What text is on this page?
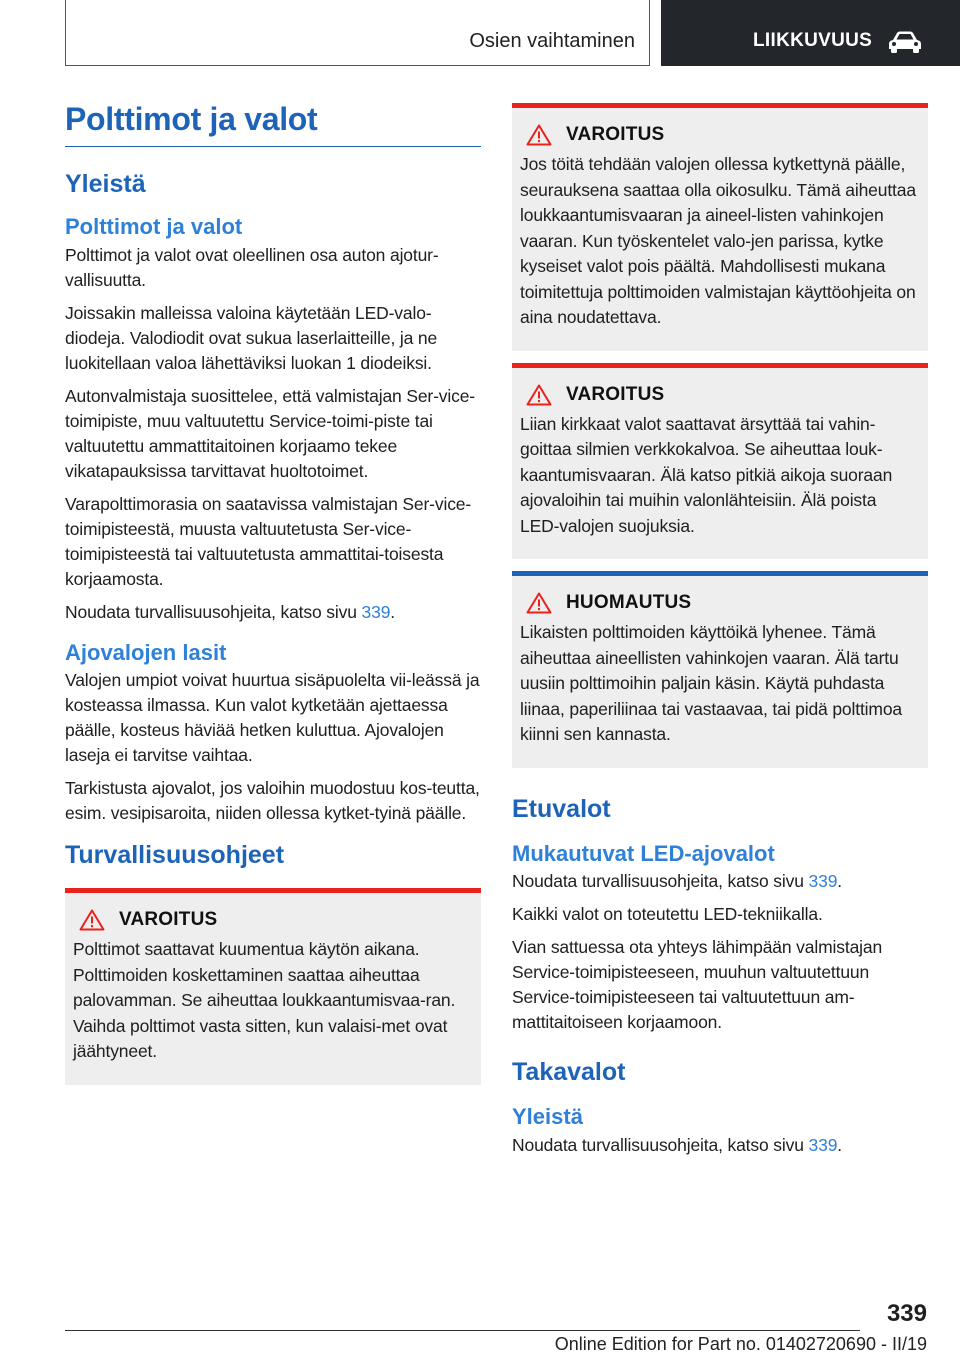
Osien vaihtaminen	LIIKKUVUUS
Polttimot ja valot
Yleistä
Polttimot ja valot

Polttimot ja valot ovat oleellinen osa auton ajotur-vallisuutta.

Joissakin malleissa valoina käytetään LED-valo-diodeja. Valodiodit ovat sukua laserlaitteille, ja ne luokitellaan valoa lähettäviksi luokan 1 diodeiksi.

Autonvalmistaja suosittelee, että valmistajan Ser-vice-toimipiste, muu valtuutettu Service-toimi-piste tai valtuutettu ammattitaitoinen korjaamo tekee vikatapauksissa tarvittavat huoltotoimet.

Varapolttimorasia on saatavissa valmistajan Ser-vice-toimipisteestä, muusta valtuutetusta Ser-vice-toimipisteestä tai valtuutetusta ammattitai-toisesta korjaamosta.

Noudata turvallisuusohjeita, katso sivu 339.

Ajovalojen lasit

Valojen umpiot voivat huurtua sisäpuolelta vii-leässä ja kosteassa ilmassa. Kun valot kytketään ajettaessa päälle, kosteus häviää hetken kuluttua. Ajovalojen laseja ei tarvitse vaihtaa.

Tarkistusta ajovalot, jos valoihin muodostuu kos-teutta, esim. vesipisaroita, niiden ollessa kytket-tyinä päälle.

Turvallisuusohjeet
VAROITUS

Polttimot saattavat kuumentua käytön aikana. Polttimoiden koskettaminen saattaa aiheuttaa palovamman. Se aiheuttaa loukkaantumisvaa-ran. Vaihda polttimot vasta sitten, kun valaisi-met ovat jäähtyneet.

VAROITUS

Jos töitä tehdään valojen ollessa kytkettynä päälle, seurauksena saattaa olla oikosulku. Tämä aiheuttaa loukkaantumisvaaran ja aineel-listen vahinkojen vaaran. Kun työskentelet valo-jen parissa, kytke kyseiset valot pois päältä. Mahdollisesti mukana toimitettuja polttimoiden valmistajan käyttöohjeita on aina noudatettava.

VAROITUS

Liian kirkkaat valot saattavat ärsyttää tai vahin-goittaa silmien verkkokalvoa. Se aiheuttaa louk-kaantumisvaaran. Älä katso pitkiä aikoja suoraan ajovaloihin tai muihin valonlähteisiin. Älä poista LED-valojen suojuksia.

HUOMAUTUS

Likaisten polttimoiden käyttöikä lyhenee. Tämä aiheuttaa aineellisten vahinkojen vaaran. Älä tartu uusiin polttimoihin paljain käsin. Käytä puhdasta liinaa, paperiliinaa tai vastaavaa, tai pidä polttimoa kiinni sen kannasta.

Etuvalot
Mukautuvat LED-ajovalot

Noudata turvallisuusohjeita, katso sivu 339.

Kaikki valot on toteutettu LED-tekniikalla.

Vian sattuessa ota yhteys lähimpään valmistajan Service-toimipisteeseen, muuhun valtuutettuun Service-toimipisteeseen tai valtuutettuun am-mattitaitoiseen korjaamoon.

Takavalot
Yleistä

Noudata turvallisuusohjeita, katso sivu 339.

339
Online Edition for Part no. 01402720690 - II/19
